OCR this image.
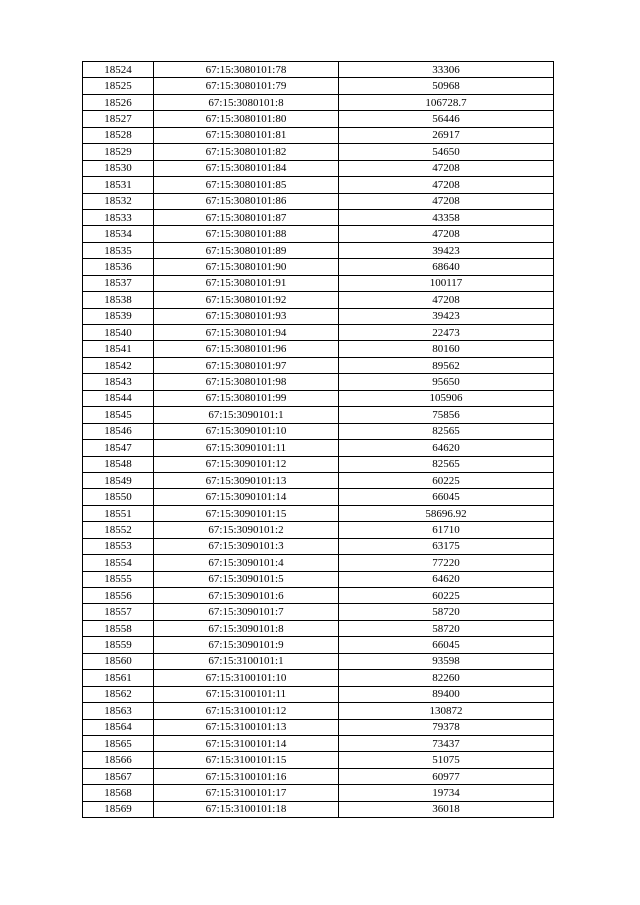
18524	67:15:3080101:78	33306
18525	67:15:3080101:79	50968
18526	67:15:3080101:8	106728.7
18527	67:15:3080101:80	56446
18528	67:15:3080101:81	26917
18529	67:15:3080101:82	54650
18530	67:15:3080101:84	47208
18531	67:15:3080101:85	47208
18532	67:15:3080101:86	47208
18533	67:15:3080101:87	43358
18534	67:15:3080101:88	47208
18535	67:15:3080101:89	39423
18536	67:15:3080101:90	68640
18537	67:15:3080101:91	100117
18538	67:15:3080101:92	47208
18539	67:15:3080101:93	39423
18540	67:15:3080101:94	22473
18541	67:15:3080101:96	80160
18542	67:15:3080101:97	89562
18543	67:15:3080101:98	95650
18544	67:15:3080101:99	105906
18545	67:15:3090101:1	75856
18546	67:15:3090101:10	82565
18547	67:15:3090101:11	64620
18548	67:15:3090101:12	82565
18549	67:15:3090101:13	60225
18550	67:15:3090101:14	66045
18551	67:15:3090101:15	58696.92
18552	67:15:3090101:2	61710
18553	67:15:3090101:3	63175
18554	67:15:3090101:4	77220
18555	67:15:3090101:5	64620
18556	67:15:3090101:6	60225
18557	67:15:3090101:7	58720
18558	67:15:3090101:8	58720
18559	67:15:3090101:9	66045
18560	67:15:3100101:1	93598
18561	67:15:3100101:10	82260
18562	67:15:3100101:11	89400
18563	67:15:3100101:12	130872
18564	67:15:3100101:13	79378
18565	67:15:3100101:14	73437
18566	67:15:3100101:15	51075
18567	67:15:3100101:16	60977
18568	67:15:3100101:17	19734
18569	67:15:3100101:18	36018
